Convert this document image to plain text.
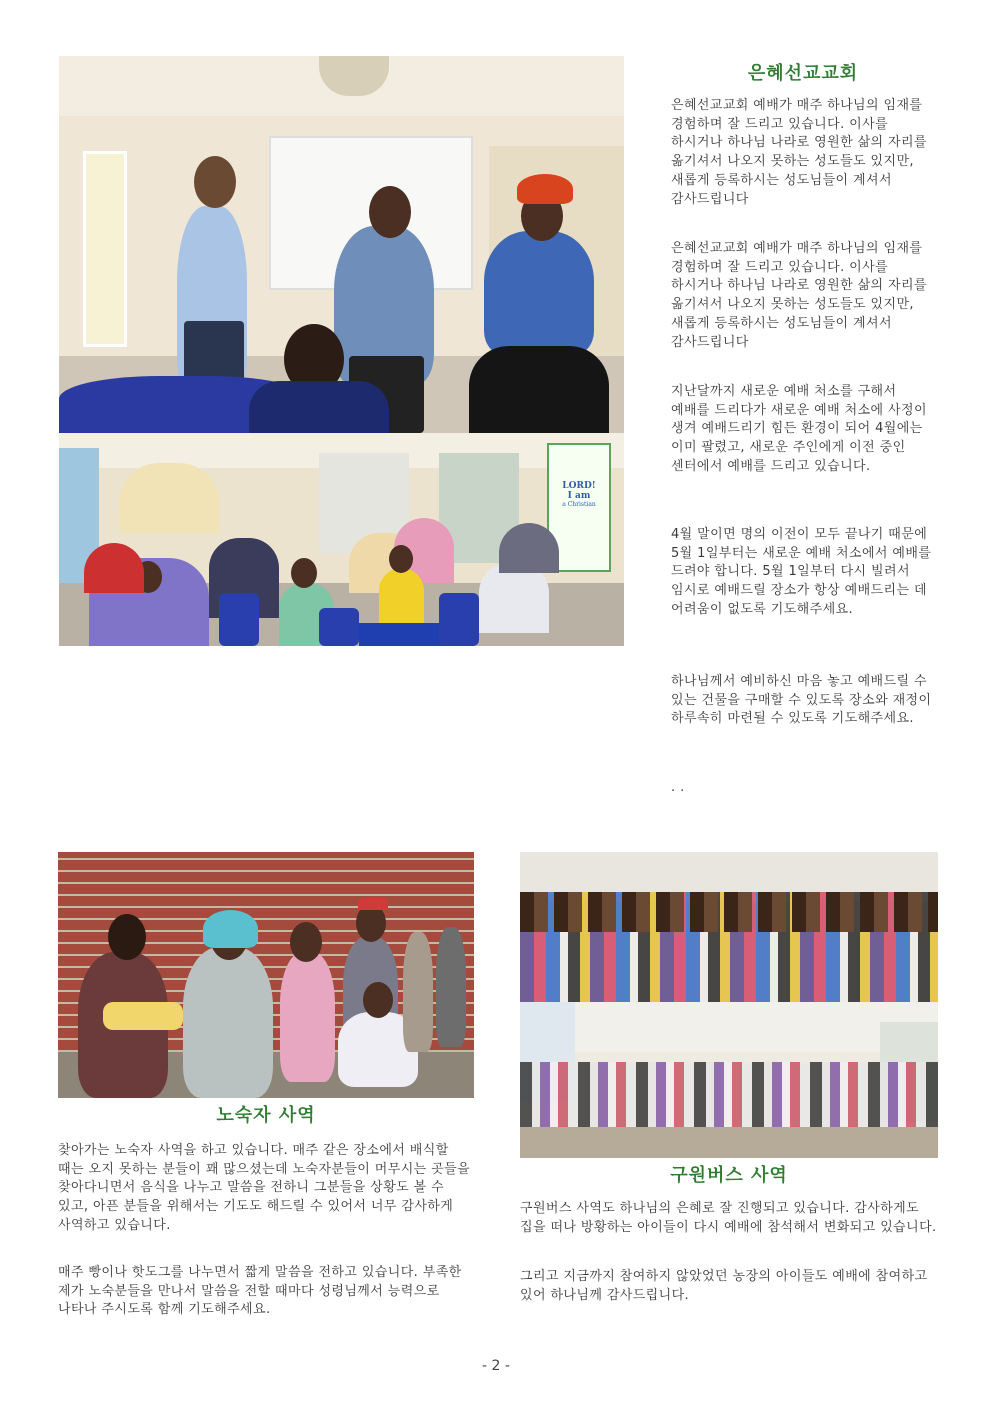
LORD!
I am
a Christian
은혜선교교회

은혜선교교회 예배가 매주 하나님의 임재를 경험하며 잘 드리고 있습니다. 이사를 하시거나 하나님 나라로 영원한 삶의 자리를 옮기셔서 나오지 못하는 성도들도 있지만, 새롭게 등록하시는 성도님들이 계셔서 감사드립니다

은혜선교교회 예배가 매주 하나님의 임재를 경험하며 잘 드리고 있습니다. 이사를 하시거나 하나님 나라로 영원한 삶의 자리를 옮기셔서 나오지 못하는 성도들도 있지만, 새롭게 등록하시는 성도님들이 계셔서 감사드립니다

지난달까지 새로운 예배 처소를 구해서 예배를 드리다가 새로운 예배 처소에 사정이 생겨 예배드리기 힘든 환경이 되어 4월에는 이미 팔렸고, 새로운 주인에게 이전 중인 센터에서 예배를 드리고 있습니다.

4월 말이면 명의 이전이 모두 끝나기 때문에 5월 1일부터는 새로운 예배 처소에서 예배를 드려야 합니다. 5월 1일부터 다시 빌려서 임시로 예배드릴 장소가 항상 예배드리는 데 어려움이 없도록 기도해주세요.

하나님께서 예비하신 마음 놓고 예배드릴 수 있는 건물을 구매할 수 있도록 장소와 재정이 하루속히 마련될 수 있도록 기도해주세요.

. .

노숙자 사역

찾아가는 노숙자 사역을 하고 있습니다. 매주 같은 장소에서 배식할 때는 오지 못하는 분들이 꽤 많으셨는데 노숙자분들이 머무시는 곳들을 찾아다니면서 음식을 나누고 말씀을 전하니 그분들을 상황도 볼 수 있고, 아픈 분들을 위해서는 기도도 해드릴 수 있어서 너무 감사하게 사역하고 있습니다.

매주 빵이나 핫도그를 나누면서 짧게 말씀을 전하고 있습니다. 부족한 제가 노숙분들을 만나서 말씀을 전할 때마다 성령님께서 능력으로 나타나 주시도록 함께 기도해주세요.

구원버스 사역

구원버스 사역도 하나님의 은혜로 잘 진행되고 있습니다. 감사하게도 집을 떠나 방황하는 아이들이 다시 예배에 참석해서 변화되고 있습니다.

그리고 지금까지 참여하지 않았었던 농장의 아이들도 예배에 참여하고 있어 하나님께 감사드립니다.

- 2 -
